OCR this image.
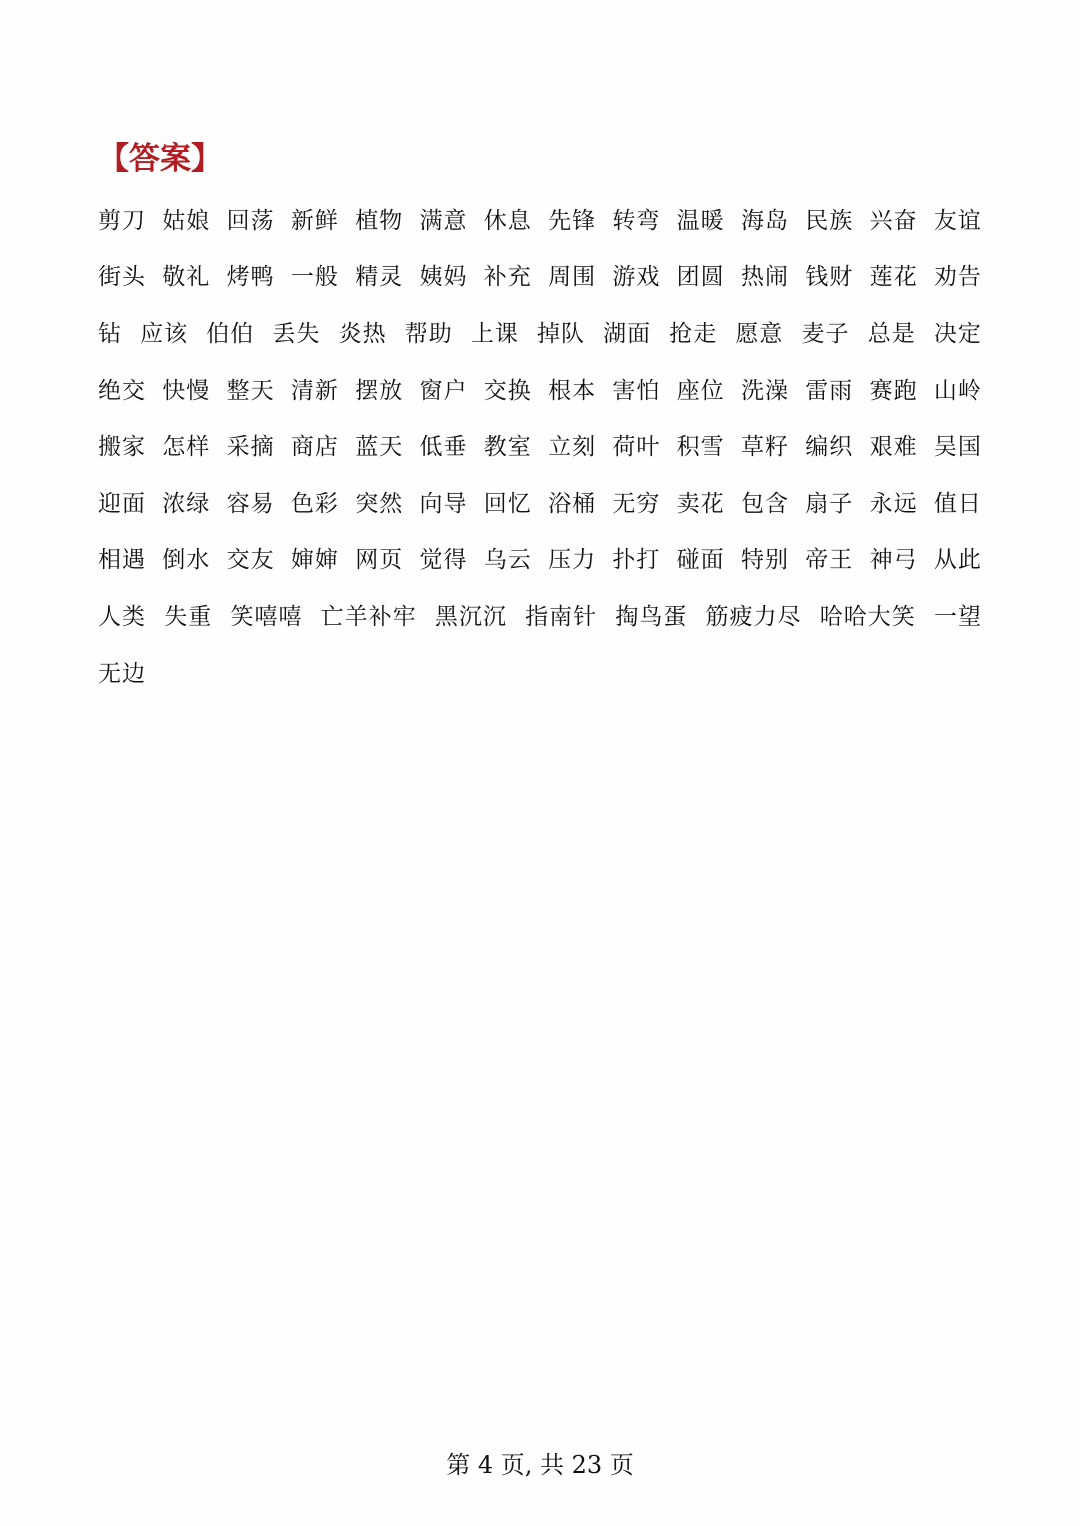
【答案】
剪刀 姑娘 回荡 新鲜 植物 满意 休息 先锋 转弯 温暖 海岛 民族 兴奋 友谊
街头 敬礼 烤鸭 一般 精灵 姨妈 补充 周围 游戏 团圆 热闹 钱财 莲花 劝告
钻 应该 伯伯 丢失 炎热 帮助 上课 掉队 湖面 抢走 愿意 麦子 总是 决定
绝交 快慢 整天 清新 摆放 窗户 交换 根本 害怕 座位 洗澡 雷雨 赛跑 山岭
搬家 怎样 采摘 商店 蓝天 低垂 教室 立刻 荷叶 积雪 草籽 编织 艰难 吴国
迎面 浓绿 容易 色彩 突然 向导 回忆 浴桶 无穷 卖花 包含 扇子 永远 值日
相遇 倒水 交友 婶婶 网页 觉得 乌云 压力 扑打 碰面 特别 帝王 神弓 从此
人类 失重 笑嘻嘻 亡羊补牢 黑沉沉 指南针 掏鸟蛋 筋疲力尽 哈哈大笑 一望
无边
第 4 页, 共 23 页
